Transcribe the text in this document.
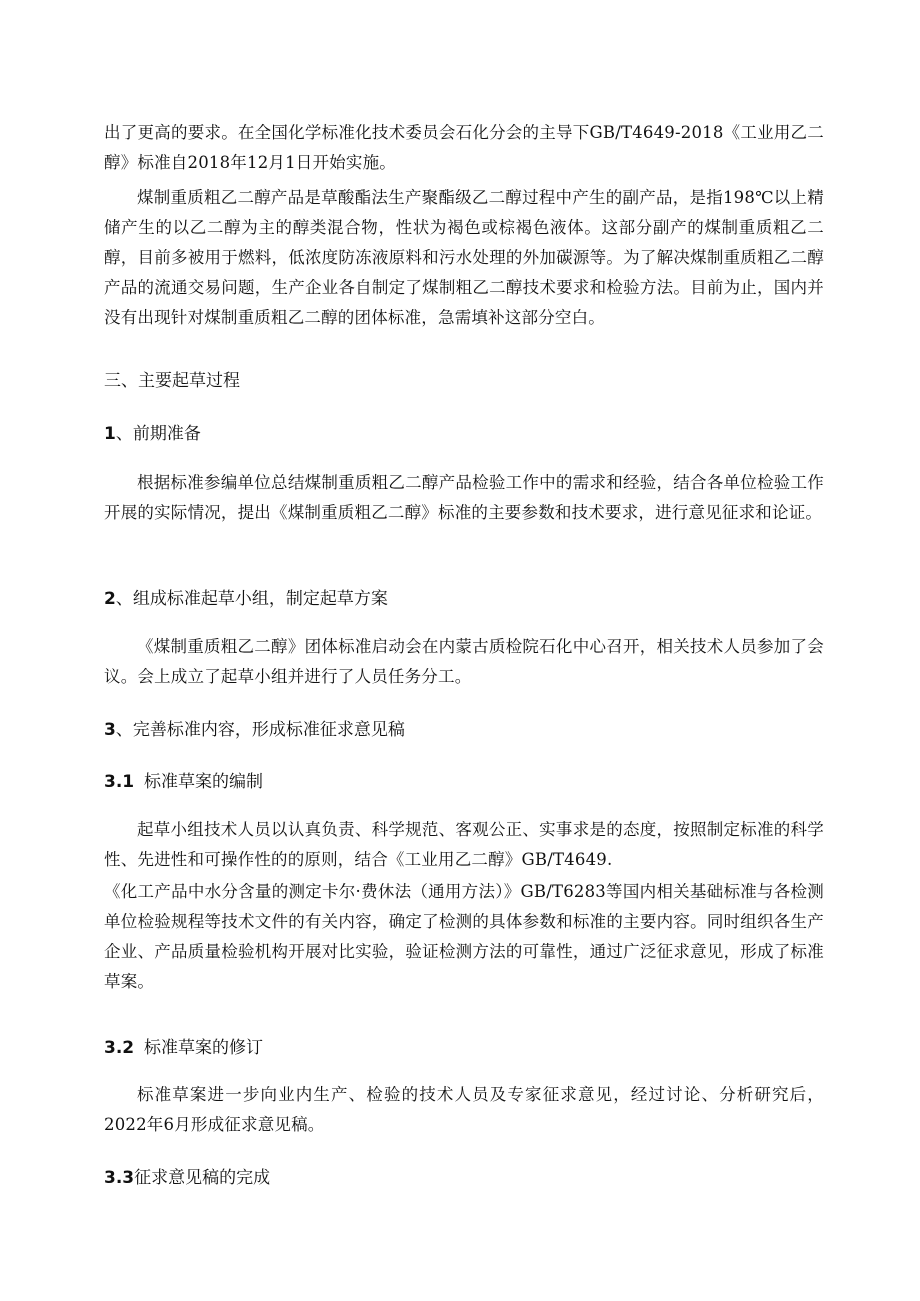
出了更高的要求。在全国化学标准化技术委员会石化分会的主导下GB/T4649-2018《工业用乙二醇》标准自2018年12月1日开始实施。

煤制重质粗乙二醇产品是草酸酯法生产聚酯级乙二醇过程中产生的副产品，是指198℃以上精储产生的以乙二醇为主的醇类混合物，性状为褐色或棕褐色液体。这部分副产的煤制重质粗乙二醇，目前多被用于燃料，低浓度防冻液原料和污水处理的外加碳源等。为了解决煤制重质粗乙二醇产品的流通交易问题，生产企业各自制定了煤制粗乙二醇技术要求和检验方法。目前为止，国内并没有出现针对煤制重质粗乙二醇的团体标准，急需填补这部分空白。

三、主要起草过程

1、前期准备

根据标准参编单位总结煤制重质粗乙二醇产品检验工作中的需求和经验，结合各单位检验工作开展的实际情况，提出《煤制重质粗乙二醇》标准的主要参数和技术要求，进行意见征求和论证。

2、组成标准起草小组，制定起草方案

《煤制重质粗乙二醇》团体标准启动会在内蒙古质检院石化中心召开，相关技术人员参加了会议。会上成立了起草小组并进行了人员任务分工。

3、完善标准内容，形成标准征求意见稿

3.1 标准草案的编制

起草小组技术人员以认真负责、科学规范、客观公正、实事求是的态度，按照制定标准的科学性、先进性和可操作性的的原则，结合《工业用乙二醇》GB/T4649.

《化工产品中水分含量的测定卡尔·费休法（通用方法）》GB/T6283等国内相关基础标准与各检测单位检验规程等技术文件的有关内容，确定了检测的具体参数和标准的主要内容。同时组织各生产企业、产品质量检验机构开展对比实验，验证检测方法的可靠性，通过广泛征求意见，形成了标准草案。

3.2 标准草案的修订

标准草案进一步向业内生产、检验的技术人员及专家征求意见，经过讨论、分析研究后，2022年6月形成征求意见稿。

3.3征求意见稿的完成
